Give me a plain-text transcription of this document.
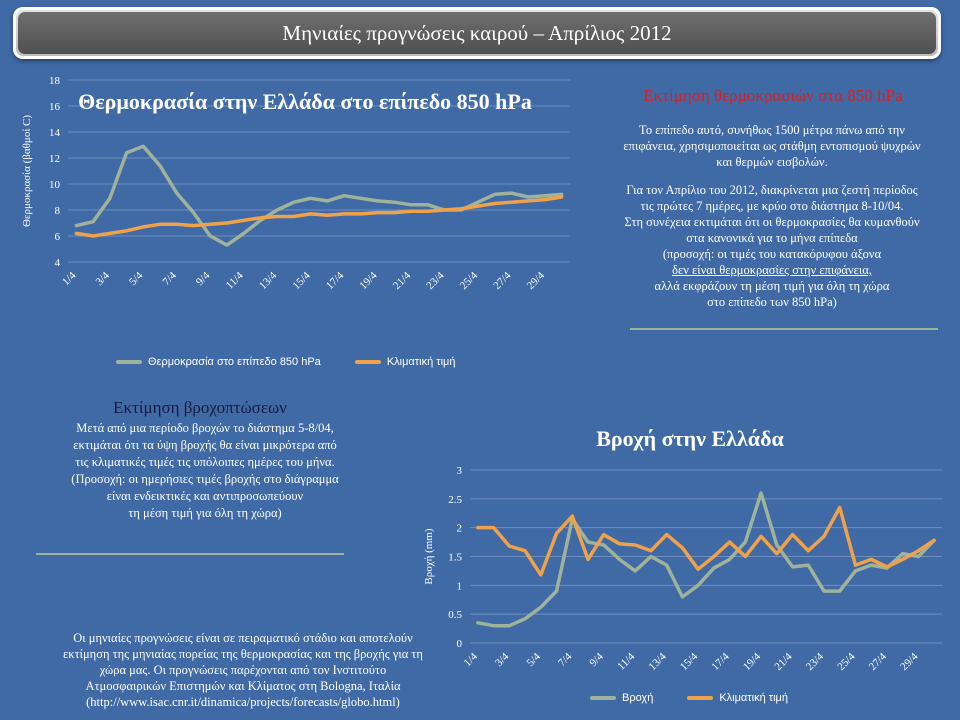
Μηνιαίες προγνώσεις καιρού – Απρίλιος 2012
4
6
8
10
12
14
16
18
1/4 3/4 5/4 7/4 9/4 11/4 13/4 15/4 17/4 19/4 21/4 23/4 25/4 27/4 29/4
Θερμοκρασία (βαθμοί C)
Θερμοκρασία στην Ελλάδα στο επίπεδο 850 hPa
Θερμοκρασία στο επίπεδο 850 hPa	Κλιματική τιμή
Εκτίμηση θερμοκρασιών στα 850 hPa

Το επίπεδο αυτό, συνήθως 1500 μέτρα πάνω από την

επιφάνεια, χρησιμοποιείται ως στάθμη εντοπισμού ψυχρών

και θερμών εισβολών.

Για τον Απρίλιο του 2012, διακρίνεται μια ζεστή περίοδος

τις πρώτες 7 ημέρες, με κρύο στο διάστημα 8-10/04.

Στη συνέχεια εκτιμάται ότι οι θερμοκρασίες θα κυμανθούν

στα κανονικά για το μήνα επίπεδα

(προσοχή: οι τιμές του κατακόρυφου άξονα

δεν είναι θερμοκρασίες στην επιφάνεια,

αλλά εκφράζουν τη μέση τιμή για όλη τη χώρα

στο επίπεδο των 850 hPa)

Εκτίμηση βροχοπτώσεων

Μετά από μια περίοδο βροχών το διάστημα 5-8/04,

εκτιμάται ότι τα ύψη βροχής θα είναι μικρότερα από

τις κλιματικές τιμές τις υπόλοιπες ημέρες του μήνα.

(Προσοχή: οι ημερήσιες τιμές βροχής στο διάγραμμα

είναι ενδεικτικές και αντιπροσωπεύουν

τη μέση τιμή για όλη τη χώρα)

Βροχή στην Ελλάδα
0
0.5
1
1.5
2
2.5
3
1/4 3/4 5/4 7/4 9/4 11/4 13/4 15/4 17/4 19/4 21/4 23/4 25/4 27/4 29/4
Βροχή (mm)
Βροχή	Κλιματική τιμή

Οι μηνιαίες προγνώσεις είναι σε πειραματικό στάδιο και αποτελούν

εκτίμηση της μηνιαίας πορείας της θερμοκρασίας και της βροχής για τη

χώρα μας. Οι προγνώσεις παρέχονται από τον Ινστιτούτο

Ατμοσφαιρικών Επιστημών και Κλίματος στη Bologna, Ιταλία

(http://www.isac.cnr.it/dinamica/projects/forecasts/globo.html)
